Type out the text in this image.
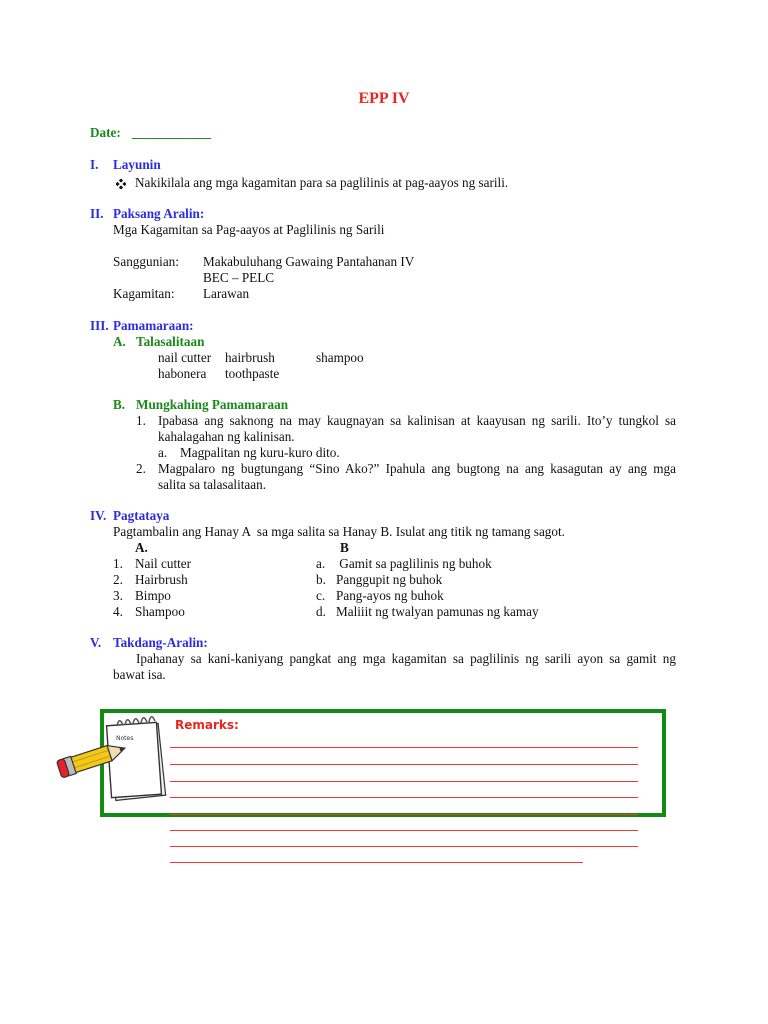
EPP IV
Date: ____________
I. Layunin
Nakikilala ang mga kagamitan para sa paglilinis at pag-aayos ng sarili.
II. Paksang Aralin:
Mga Kagamitan sa Pag-aayos at Paglilinis ng Sarili
Sanggunian: Makabuluhang Gawaing Pantahanan IV
BEC – PELC
Kagamitan: Larawan
III. Pamamaraan:
A. Talasalitaan
nail cutter hairbrush	shampoo
habonera toothpaste
B. Mungkahing Pamamaraan
1. Ipabasa ang saknong na may kaugnayan sa kalinisan at kaayusan ng sarili. Ito’y tungkol sa
kahalagahan ng kalinisan.
a. Magpalitan ng kuru-kuro dito.
2. Magpalaro ng bugtungang “Sino Ako?” Ipahula ang bugtong na ang kasagutan ay ang mga
salita sa talasalitaan.
IV. Pagtataya
Pagtambalin ang Hanay A  sa mga salita sa Hanay B. Isulat ang titik ng tamang sagot.
A.	B
1. Nail cutter
2. Hairbrush
3. Bimpo
4. Shampoo
a. Gamit sa paglilinis ng buhok
b. Panggupit ng buhok
c. Pang-ayos ng buhok
d. Maliiit ng twalyan pamunas ng kamay
V. Takdang-Aralin:
Ipahanay sa kani-kaniyang pangkat ang mga kagamitan sa paglilinis ng sarili ayon sa gamit ng
bawat isa.
Remarks:
Notes
